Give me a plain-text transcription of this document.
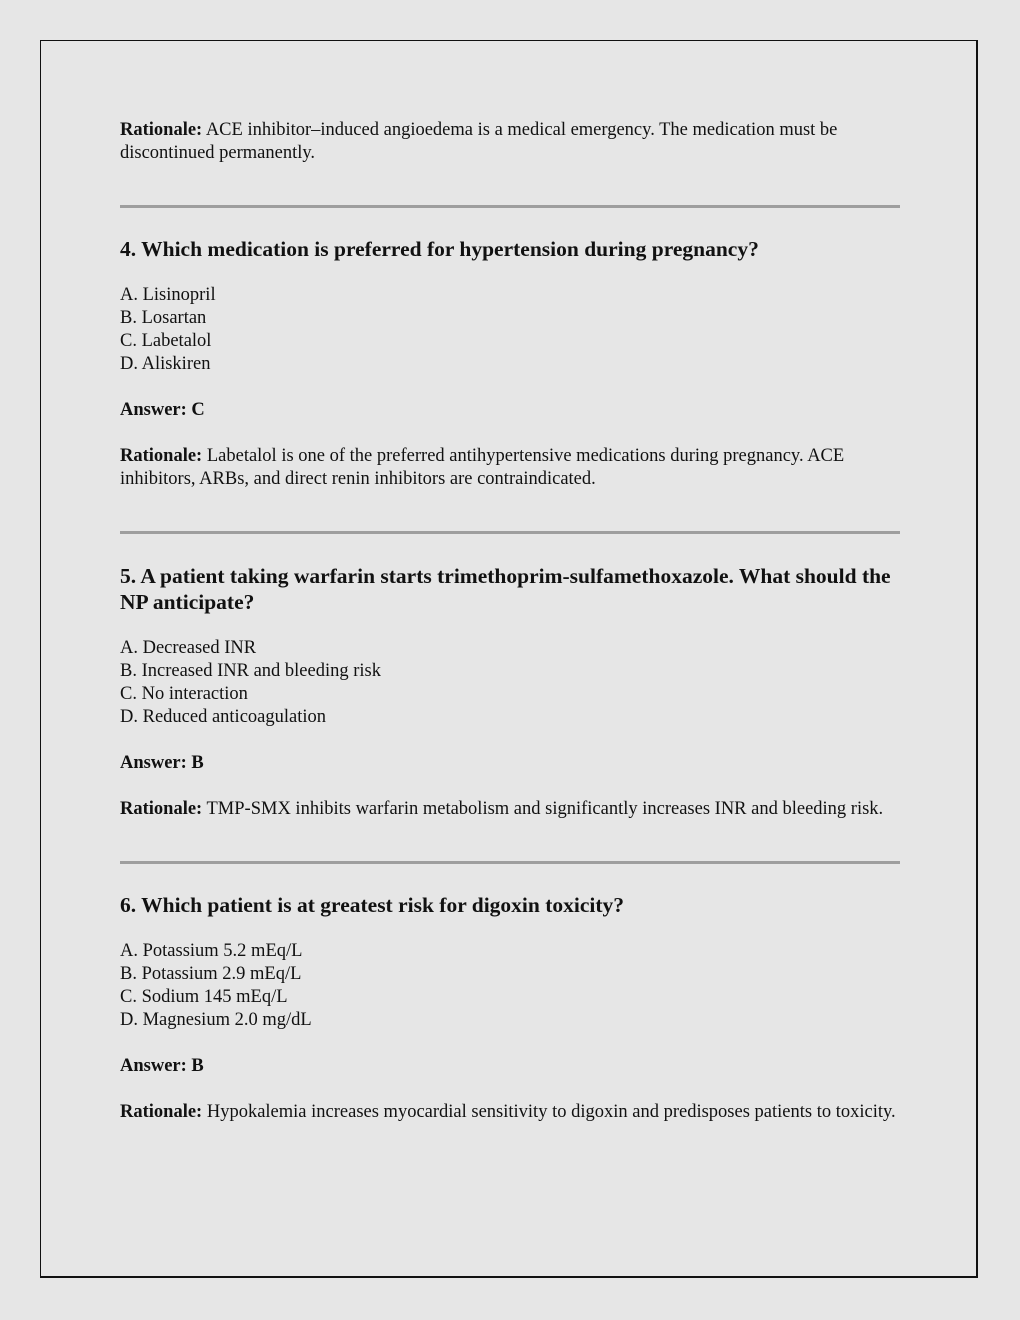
Rationale: ACE inhibitor–induced angioedema is a medical emergency. The medication must be discontinued permanently.

4. Which medication is preferred for hypertension during pregnancy?
A. Lisinopril
B. Losartan
C. Labetalol
D. Aliskiren

Answer: C

Rationale: Labetalol is one of the preferred antihypertensive medications during pregnancy. ACE inhibitors, ARBs, and direct renin inhibitors are contraindicated.

5. A patient taking warfarin starts trimethoprim-sulfamethoxazole. What should the NP anticipate?
A. Decreased INR
B. Increased INR and bleeding risk
C. No interaction
D. Reduced anticoagulation

Answer: B

Rationale: TMP-SMX inhibits warfarin metabolism and significantly increases INR and bleeding risk.

6. Which patient is at greatest risk for digoxin toxicity?
A. Potassium 5.2 mEq/L
B. Potassium 2.9 mEq/L
C. Sodium 145 mEq/L
D. Magnesium 2.0 mg/dL

Answer: B

Rationale: Hypokalemia increases myocardial sensitivity to digoxin and predisposes patients to toxicity.
